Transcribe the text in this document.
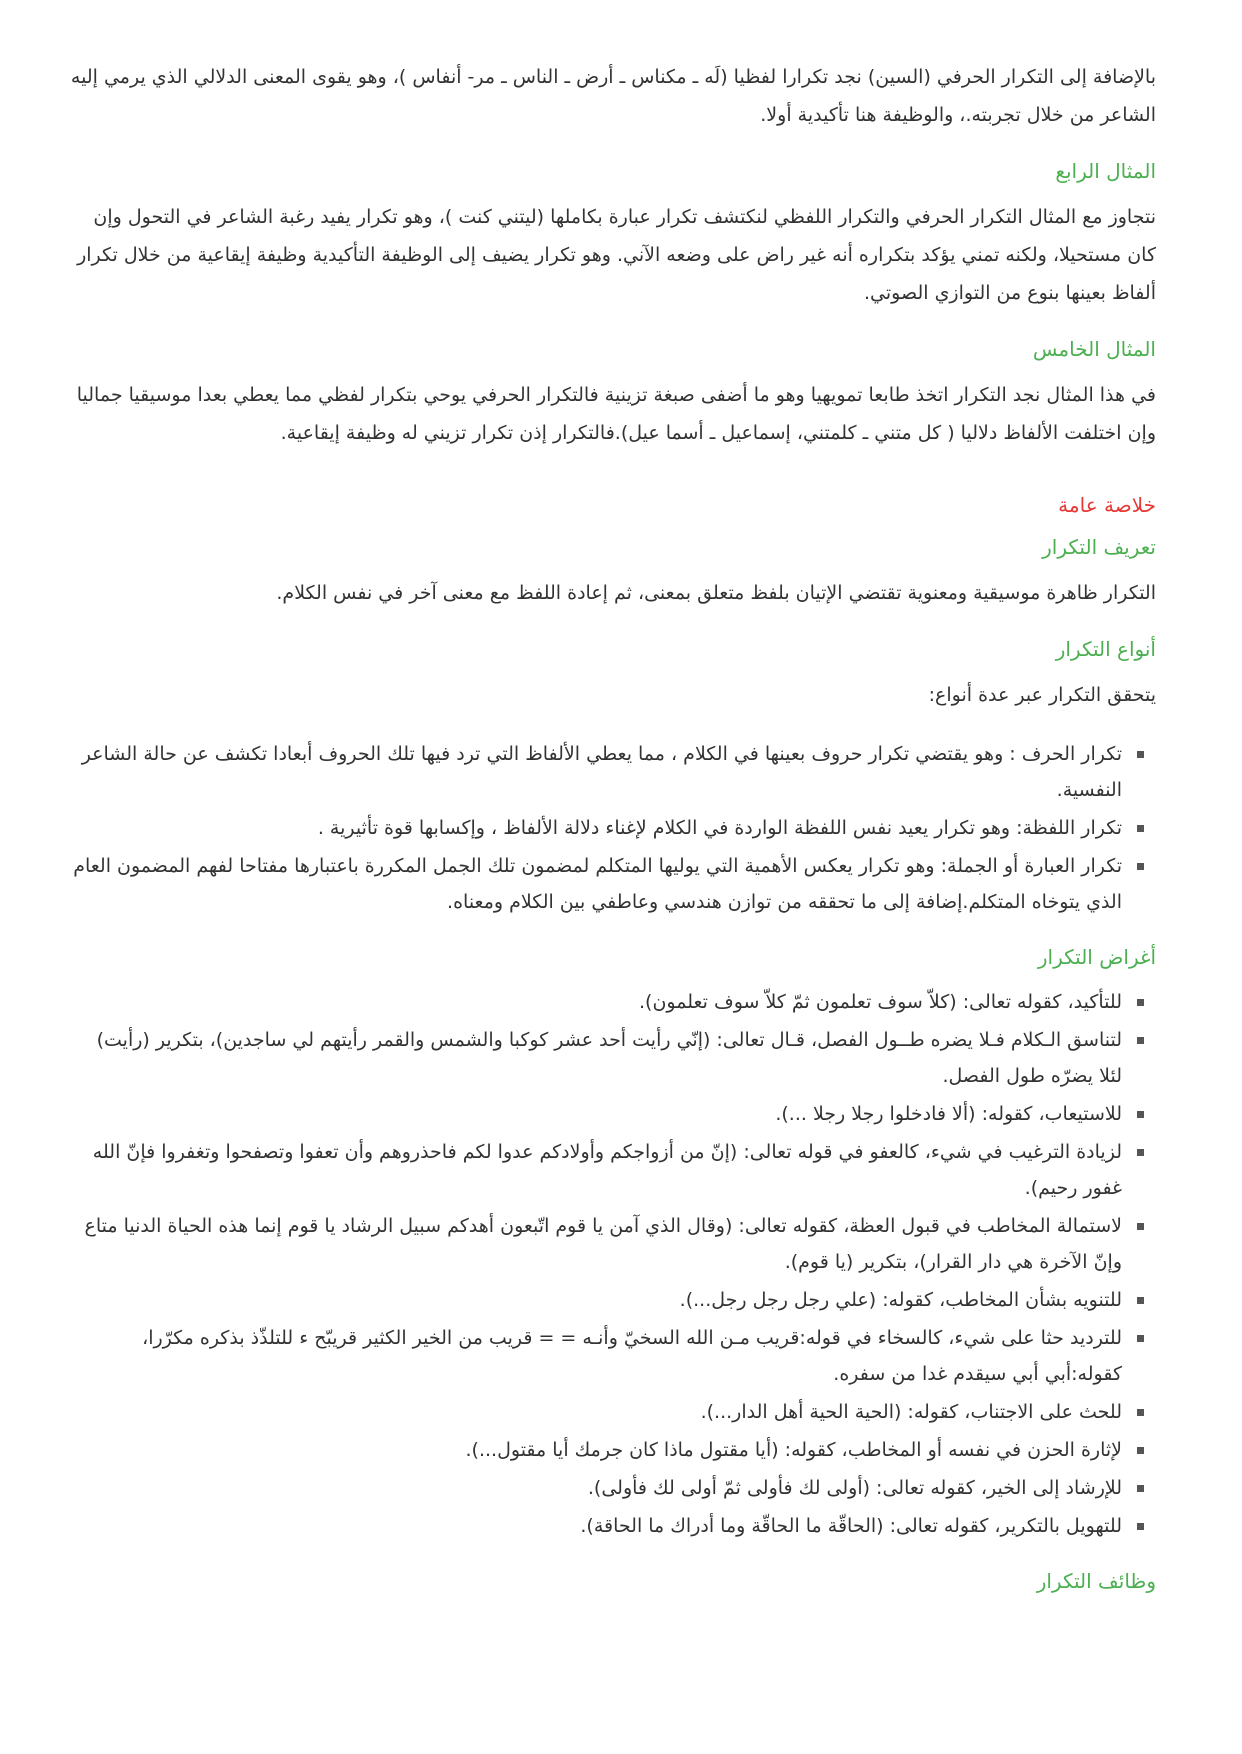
بالإضافة إلى التكرار الحرفي (السين) نجد تكرارا لفظيا (لَه ـ مكناس ـ أرض ـ الناس ـ مر- أنفاس )، وهو يقوى المعنى الدلالي الذي يرمي إليه الشاعر من خلال تجربته.، والوظيفة هنا تأكيدية أولا.

المثال الرابع

نتجاوز مع المثال التكرار الحرفي والتكرار اللفظي لنكتشف تكرار عبارة بكاملها (ليتني كنت )، وهو تكرار يفيد رغبة الشاعر في التحول وإن كان مستحيلا، ولكنه تمني يؤكد بتكراره أنه غير راض على وضعه الآني. وهو تكرار يضيف إلى الوظيفة التأكيدية وظيفة إيقاعية من خلال تكرار ألفاظ بعينها بنوع من التوازي الصوتي.

المثال الخامس

في هذا المثال نجد التكرار اتخذ طابعا تمويهيا وهو ما أضفى صبغة تزينية فالتكرار الحرفي يوحي بتكرار لفظي مما يعطي بعدا موسيقيا جماليا وإن اختلفت الألفاظ دلاليا ( كل متني ـ كلمتني، إسماعيل ـ أسما عيل).فالتكرار إذن تكرار تزيني له وظيفة إيقاعية.

خلاصة عامة
تعريف التكرار

التكرار ظاهرة موسيقية ومعنوية تقتضي الإتيان بلفظ متعلق بمعنى، ثم إعادة اللفظ مع معنى آخر في نفس الكلام.

أنواع التكرار

يتحقق التكرار عبر عدة أنواع:

تكرار الحرف : وهو يقتضي تكرار حروف بعينها في الكلام ، مما يعطي الألفاظ التي ترد فيها تلك الحروف أبعادا تكشف عن حالة الشاعر النفسية.
تكرار اللفظة: وهو تكرار يعيد نفس اللفظة الواردة في الكلام لإغناء دلالة الألفاظ ، وإكسابها قوة تأثيرية .
تكرار العبارة أو الجملة: وهو تكرار يعكس الأهمية التي يوليها المتكلم لمضمون تلك الجمل المكررة باعتبارها مفتاحا لفهم المضمون العام الذي يتوخاه المتكلم.إضافة إلى ما تحققه من توازن هندسي وعاطفي بين الكلام ومعناه.
أغراض التكرار
للتأكيد، كقوله تعالى: (كلاّ سوف تعلمون ثمّ كلاّ سوف تعلمون).
لتناسق الـكلام فـلا يضره طــول الفصل، قـال تعالى: (إنّي رأيت أحد عشر كوكبا والشمس والقمر رأيتهم لي ساجدين)، بتكرير (رأيت) لئلا يضرّه طول الفصل.
للاستيعاب، كقوله: (ألا فادخلوا رجلا رجلا ...).
لزيادة الترغيب في شيء، كالعفو في قوله تعالى: (إنّ من أزواجكم وأولادكم عدوا لكم فاحذروهم وأن تعفوا وتصفحوا وتغفروا فإنّ الله غفور رحيم).
لاستمالة المخاطب في قبول العظة، كقوله تعالى: (وقال الذي آمن يا قوم اتّبعون أهدكم سبيل الرشاد يا قوم إنما هذه الحياة الدنيا متاع وإنّ الآخرة هي دار القرار)، بتكرير (يا قوم).
للتنويه بشأن المخاطب، كقوله: (علي رجل رجل رجل...).
للترديد حثا على شيء، كالسخاء في قوله:قريب مـن الله السخيّ وأنـه = = قريب من الخير الكثير قريبّح ء للتلذّذ بذكره مكرّرا، كقوله:أبي أبي سيقدم غدا من سفره.
للحث على الاجتناب، كقوله: (الحية الحية أهل الدار...).
لإثارة الحزن في نفسه أو المخاطب، كقوله: (أيا مقتول ماذا كان جرمك أيا مقتول...).
للإرشاد إلى الخير، كقوله تعالى: (أولى لك فأولى ثمّ أولى لك فأولى).
للتهويل بالتكرير، كقوله تعالى: (الحاقّة ما الحاقّة وما أدراك ما الحاقة).
وظائف التكرار
